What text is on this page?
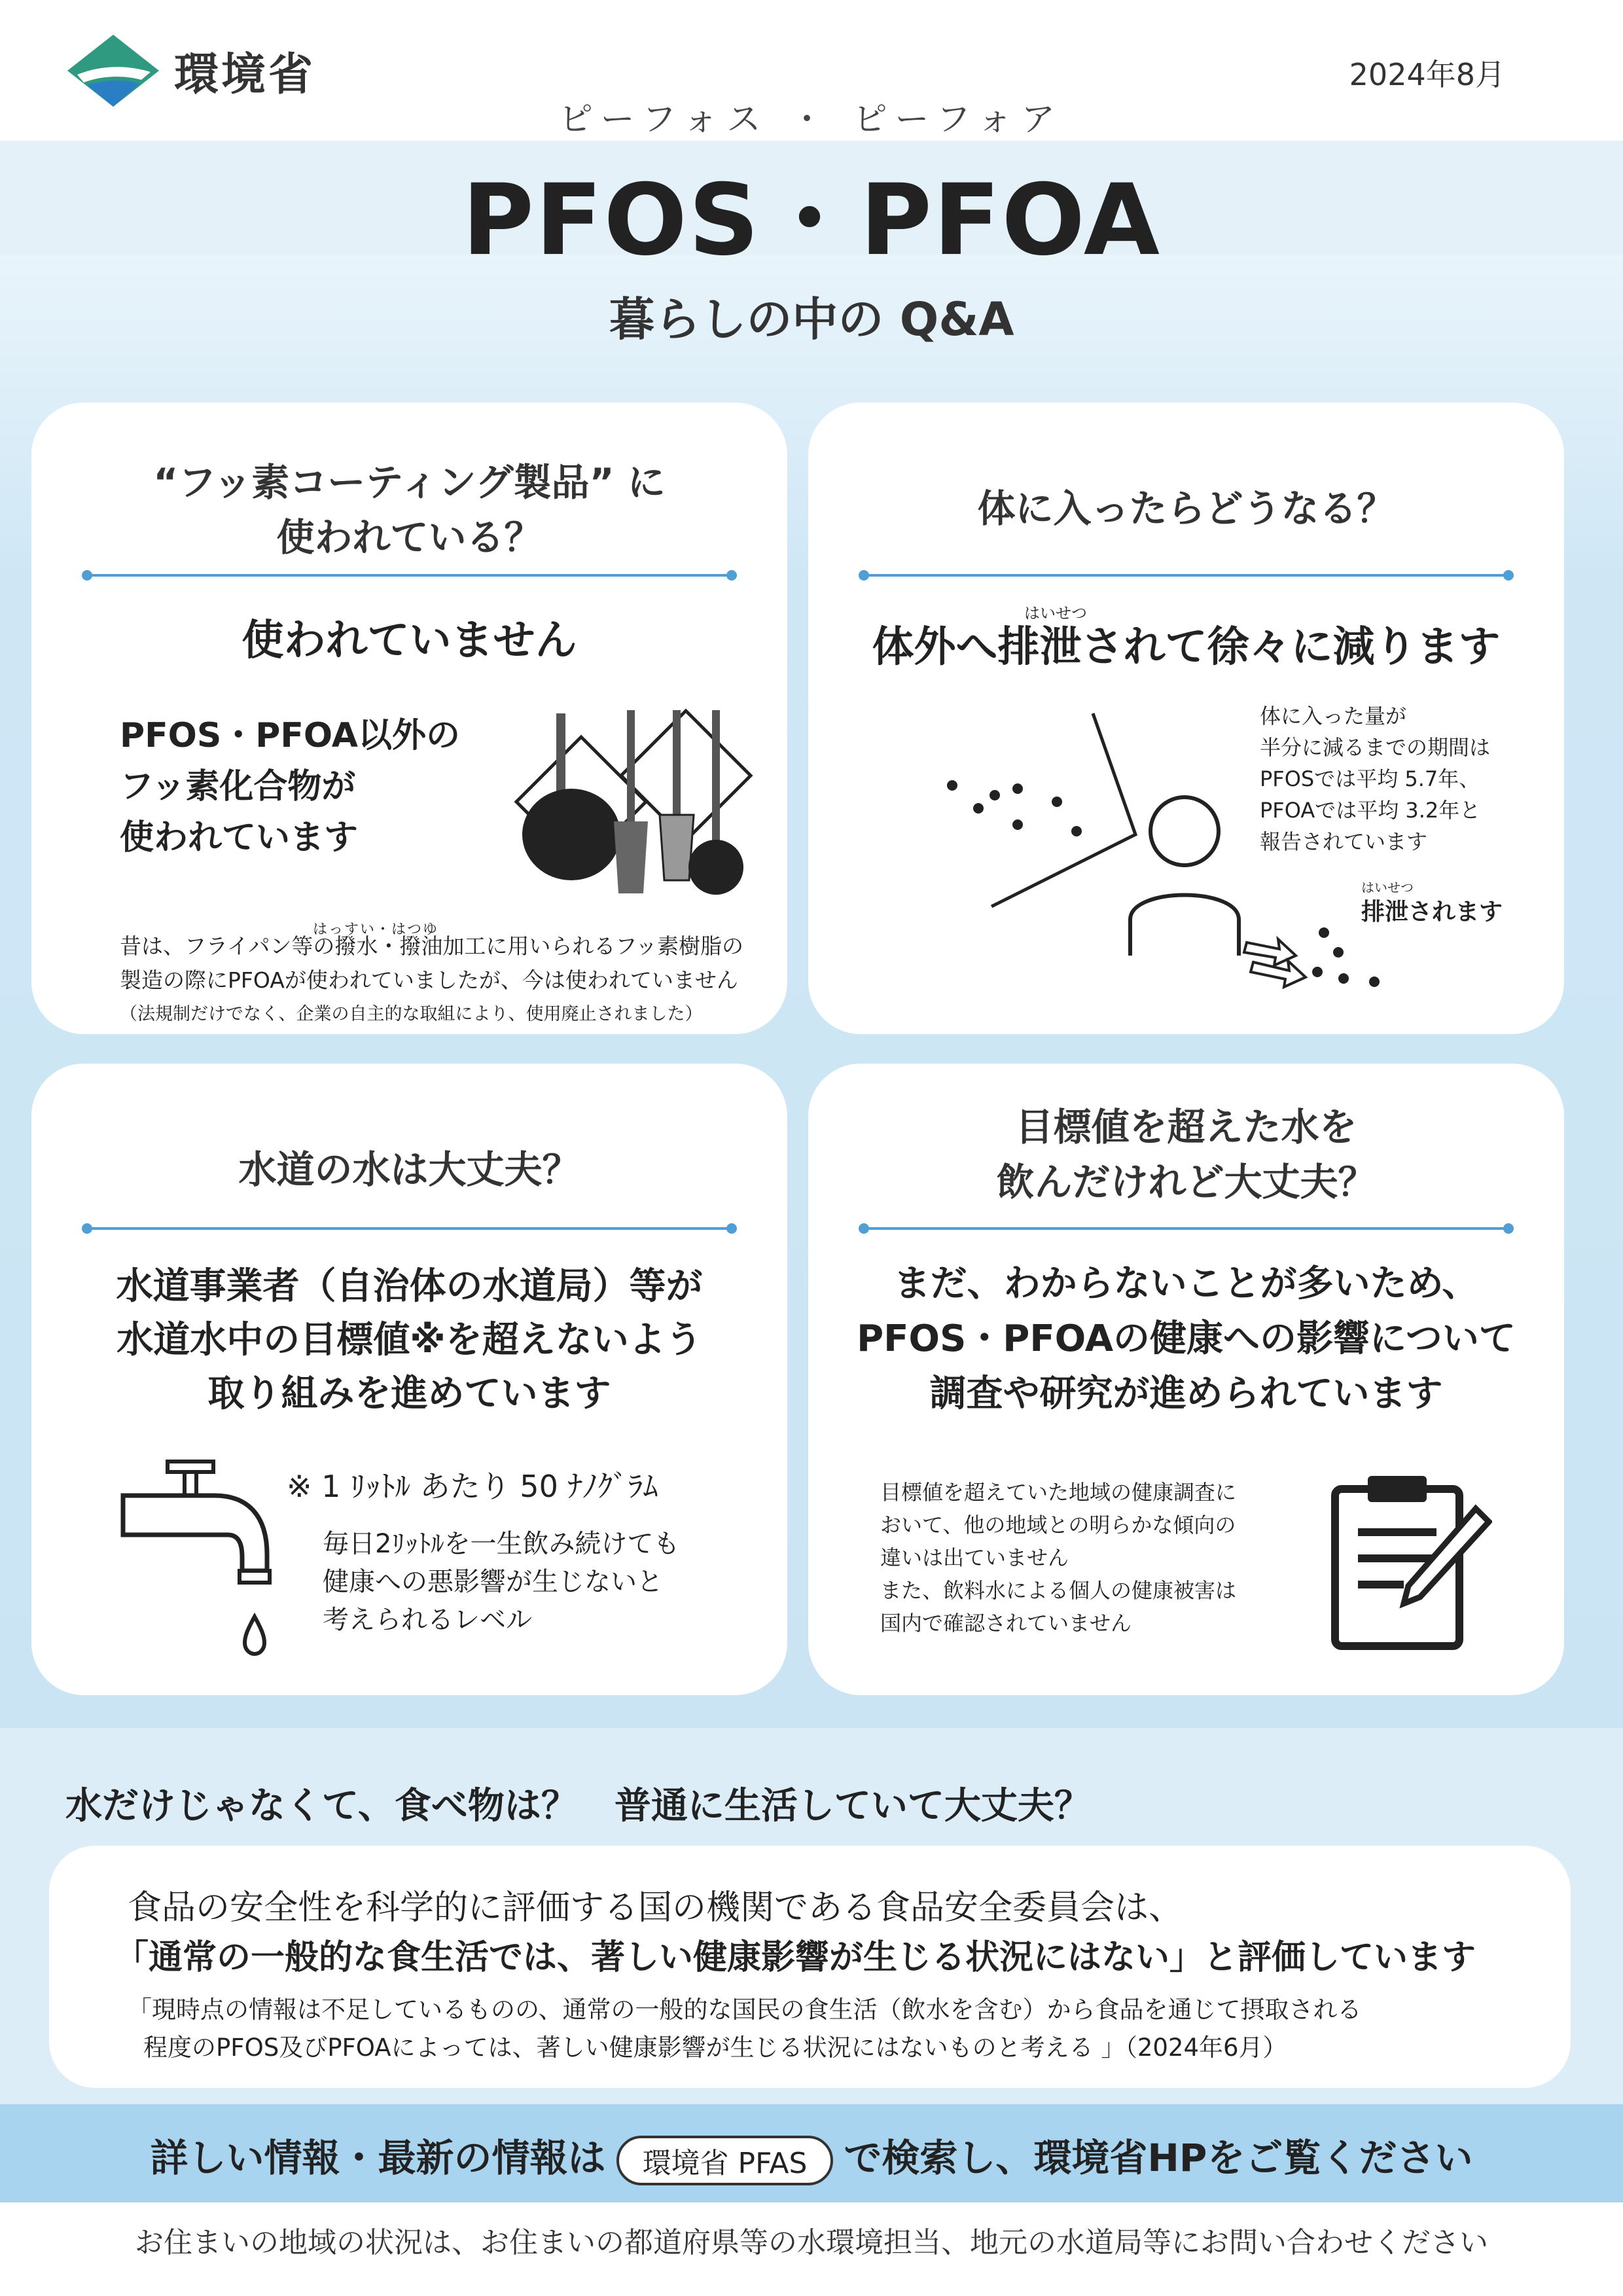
環境省	2024年8月
ピーフォス ・ ピーフォア
PFOS・PFOA
暮らしの中の Q&A
“フッ素コーティング製品” に
使われている？
使われていません
PFOS・PFOA以外の
フッ素化合物が
使われています
はっすい・はつゆ
昔は、フライパン等の撥水・撥油加工に用いられるフッ素樹脂の
製造の際にPFOAが使われていましたが、今は使われていません
（法規制だけでなく、企業の自主的な取組により、使用廃止されました）
体に入ったらどうなる？
はいせつ
体外へ排泄されて徐々に減ります
体に入った量が
半分に減るまでの期間は
PFOSでは平均 5.7年、
PFOAでは平均 3.2年と
報告されています
はいせつ
排泄されます
水道の水は大丈夫？
水道事業者（自治体の水道局）等が
水道水中の目標値※を超えないよう
取り組みを進めています
※ 1 ﾘｯﾄﾙ あたり 50 ﾅﾉｸﾞﾗﾑ
毎日2ﾘｯﾄﾙを一生飲み続けても
健康への悪影響が生じないと
考えられるレベル
目標値を超えた水を
飲んだけれど大丈夫？
まだ、わからないことが多いため、
PFOS・PFOAの健康への影響について
調査や研究が進められています
目標値を超えていた地域の健康調査に
おいて、他の地域との明らかな傾向の
違いは出ていません
また、飲料水による個人の健康被害は
国内で確認されていません
水だけじゃなくて、食べ物は？　普通に生活していて大丈夫？
食品の安全性を科学的に評価する国の機関である食品安全委員会は、
「通常の一般的な食生活では、著しい健康影響が生じる状況にはない」と評価しています
「現時点の情報は不足しているものの、通常の一般的な国民の食生活（飲水を含む）から食品を通じて摂取される
程度のPFOS及びPFOAによっては、著しい健康影響が生じる状況にはないものと考える 」（2024年6月）
詳しい情報・最新の情報は 環境省 PFAS で検索し、環境省HPをご覧ください
お住まいの地域の状況は、お住まいの都道府県等の水環境担当、地元の水道局等にお問い合わせください
